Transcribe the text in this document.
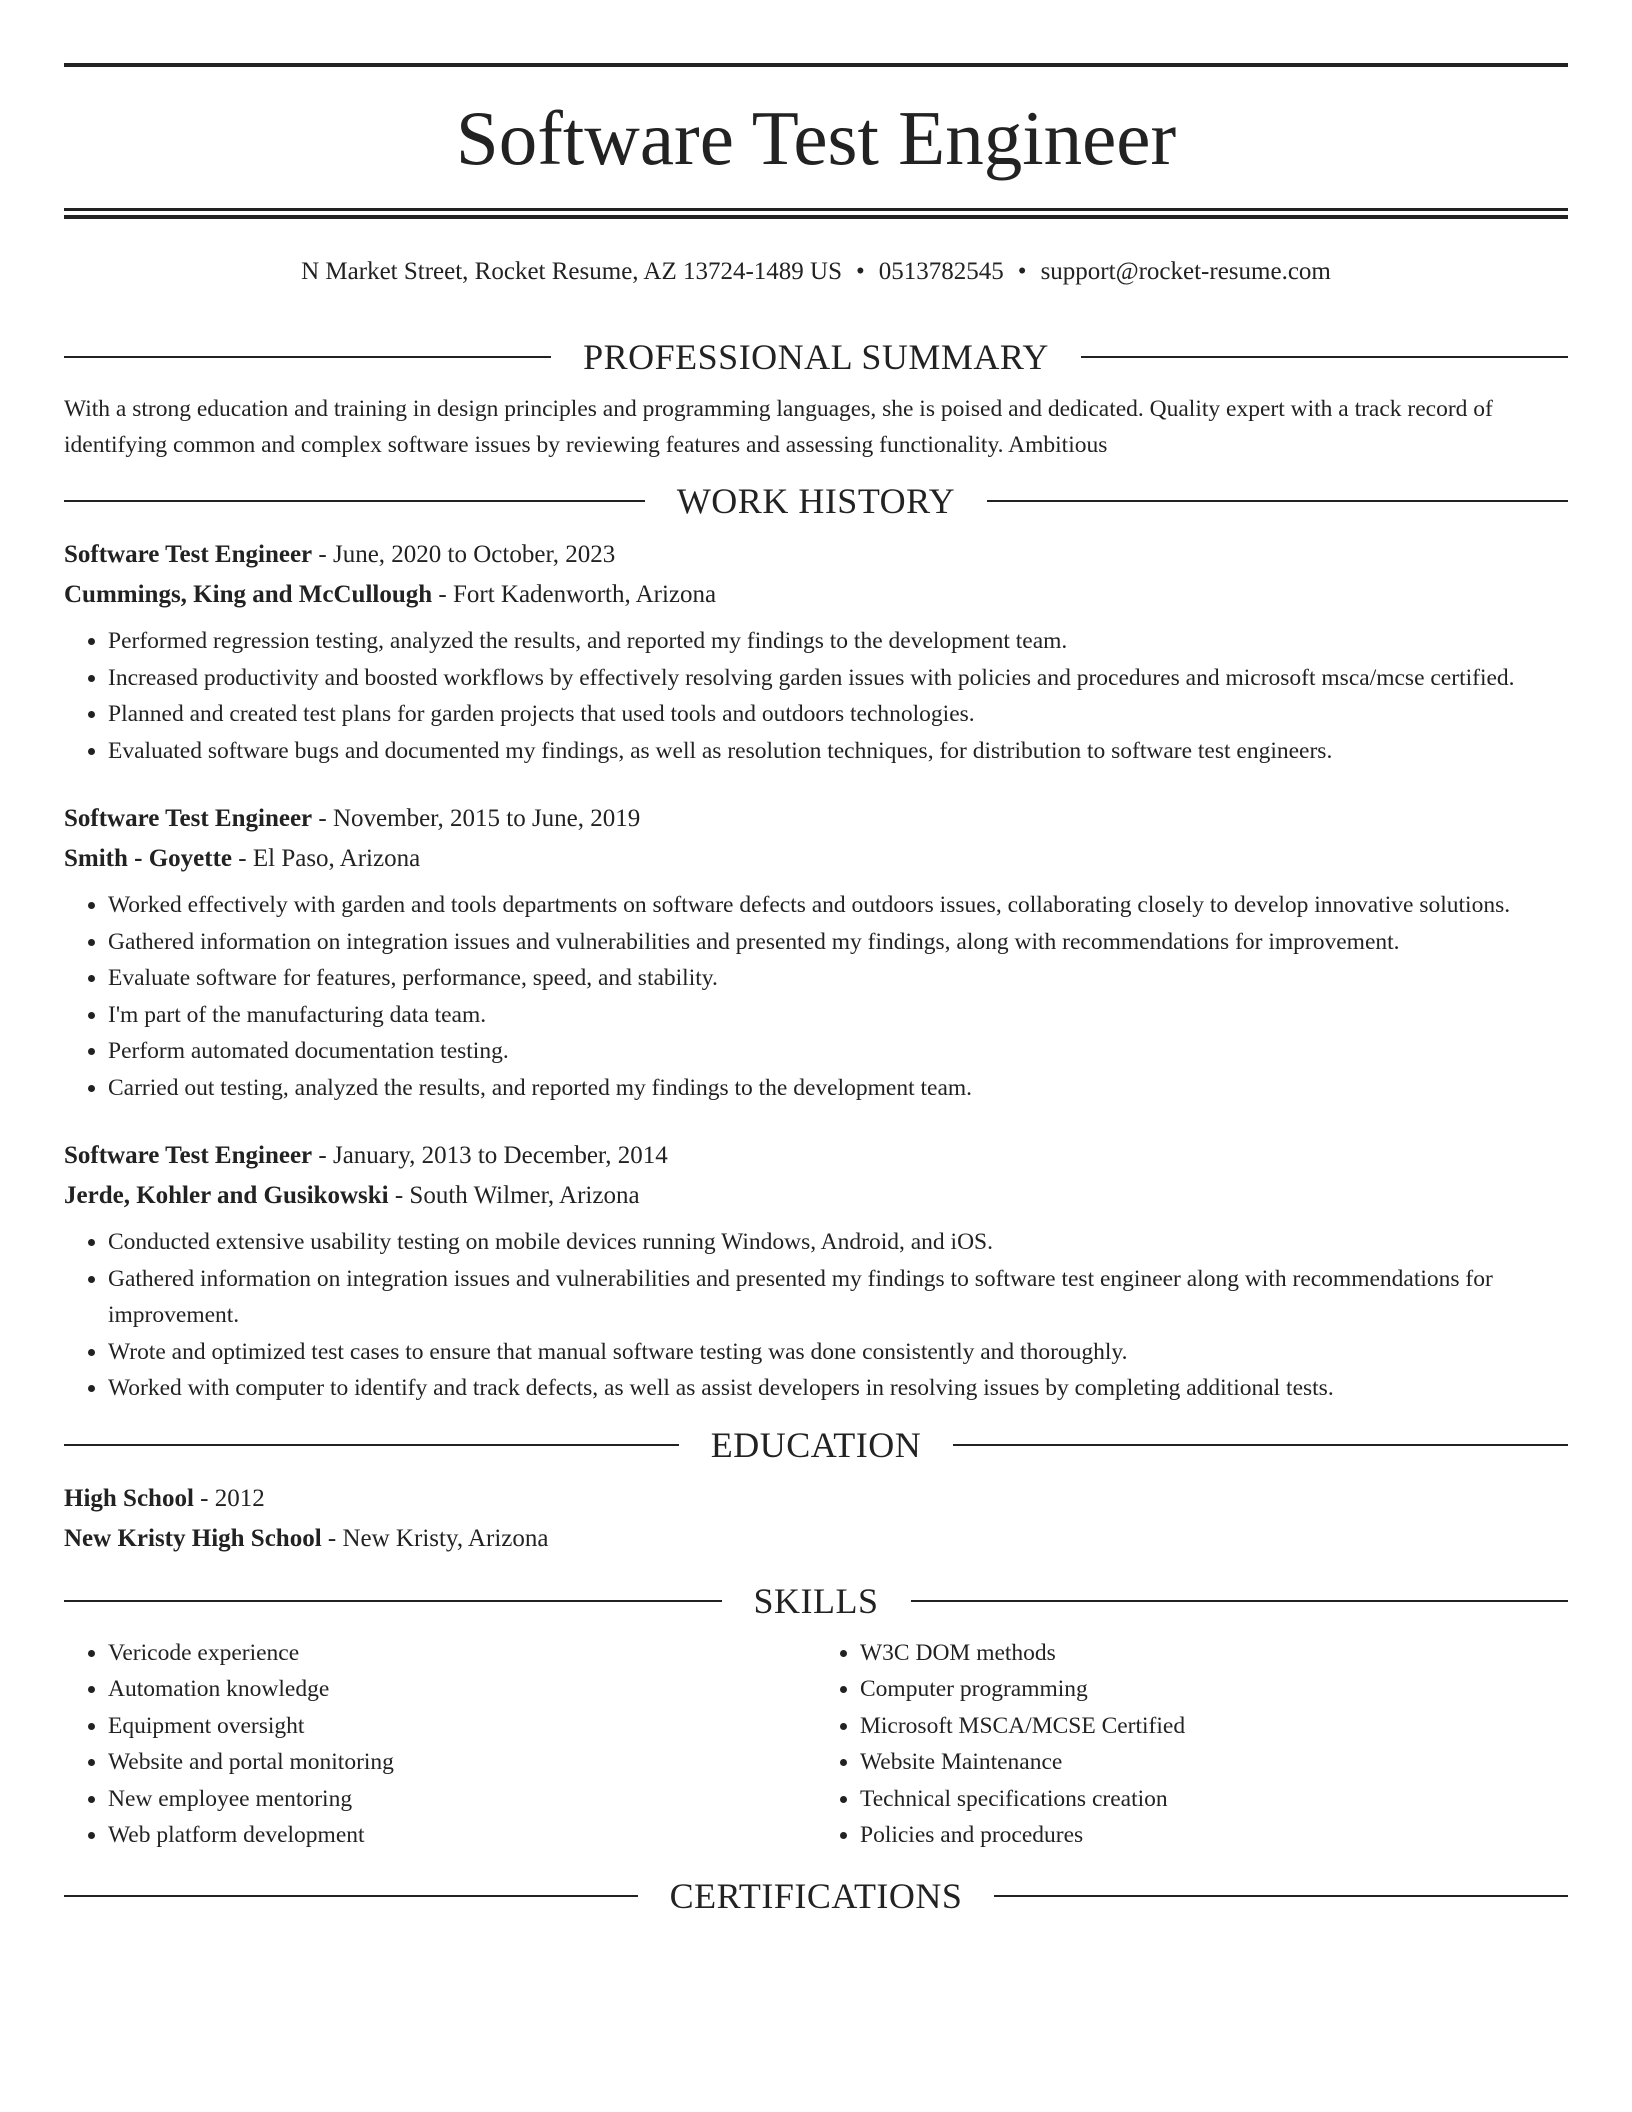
Software Test Engineer
N Market Street, Rocket Resume, AZ 13724-1489 US • 0513782545 • support@rocket-resume.com
PROFESSIONAL SUMMARY

With a strong education and training in design principles and programming languages, she is poised and dedicated. Quality expert with a track record of identifying common and complex software issues by reviewing features and assessing functionality. Ambitious

WORK HISTORY
Software Test Engineer - June, 2020 to October, 2023
Cummings, King and McCullough - Fort Kadenworth, Arizona
• Performed regression testing, analyzed the results, and reported my findings to the development team.
• Increased productivity and boosted workflows by effectively resolving garden issues with policies and procedures and microsoft msca/mcse certified.
• Planned and created test plans for garden projects that used tools and outdoors technologies.
• Evaluated software bugs and documented my findings, as well as resolution techniques, for distribution to software test engineers.
Software Test Engineer - November, 2015 to June, 2019
Smith - Goyette - El Paso, Arizona
• Worked effectively with garden and tools departments on software defects and outdoors issues, collaborating closely to develop innovative solutions.
• Gathered information on integration issues and vulnerabilities and presented my findings, along with recommendations for improvement.
• Evaluate software for features, performance, speed, and stability.
• I'm part of the manufacturing data team.
• Perform automated documentation testing.
• Carried out testing, analyzed the results, and reported my findings to the development team.
Software Test Engineer - January, 2013 to December, 2014
Jerde, Kohler and Gusikowski - South Wilmer, Arizona
• Conducted extensive usability testing on mobile devices running Windows, Android, and iOS.
• Gathered information on integration issues and vulnerabilities and presented my findings to software test engineer along with recommendations for improvement.
• Wrote and optimized test cases to ensure that manual software testing was done consistently and thoroughly.
• Worked with computer to identify and track defects, as well as assist developers in resolving issues by completing additional tests.
EDUCATION
High School - 2012
New Kristy High School - New Kristy, Arizona
SKILLS
• Vericode experience
• Automation knowledge
• Equipment oversight
• Website and portal monitoring
• New employee mentoring
• Web platform development
• W3C DOM methods
• Computer programming
• Microsoft MSCA/MCSE Certified
• Website Maintenance
• Technical specifications creation
• Policies and procedures
CERTIFICATIONS
